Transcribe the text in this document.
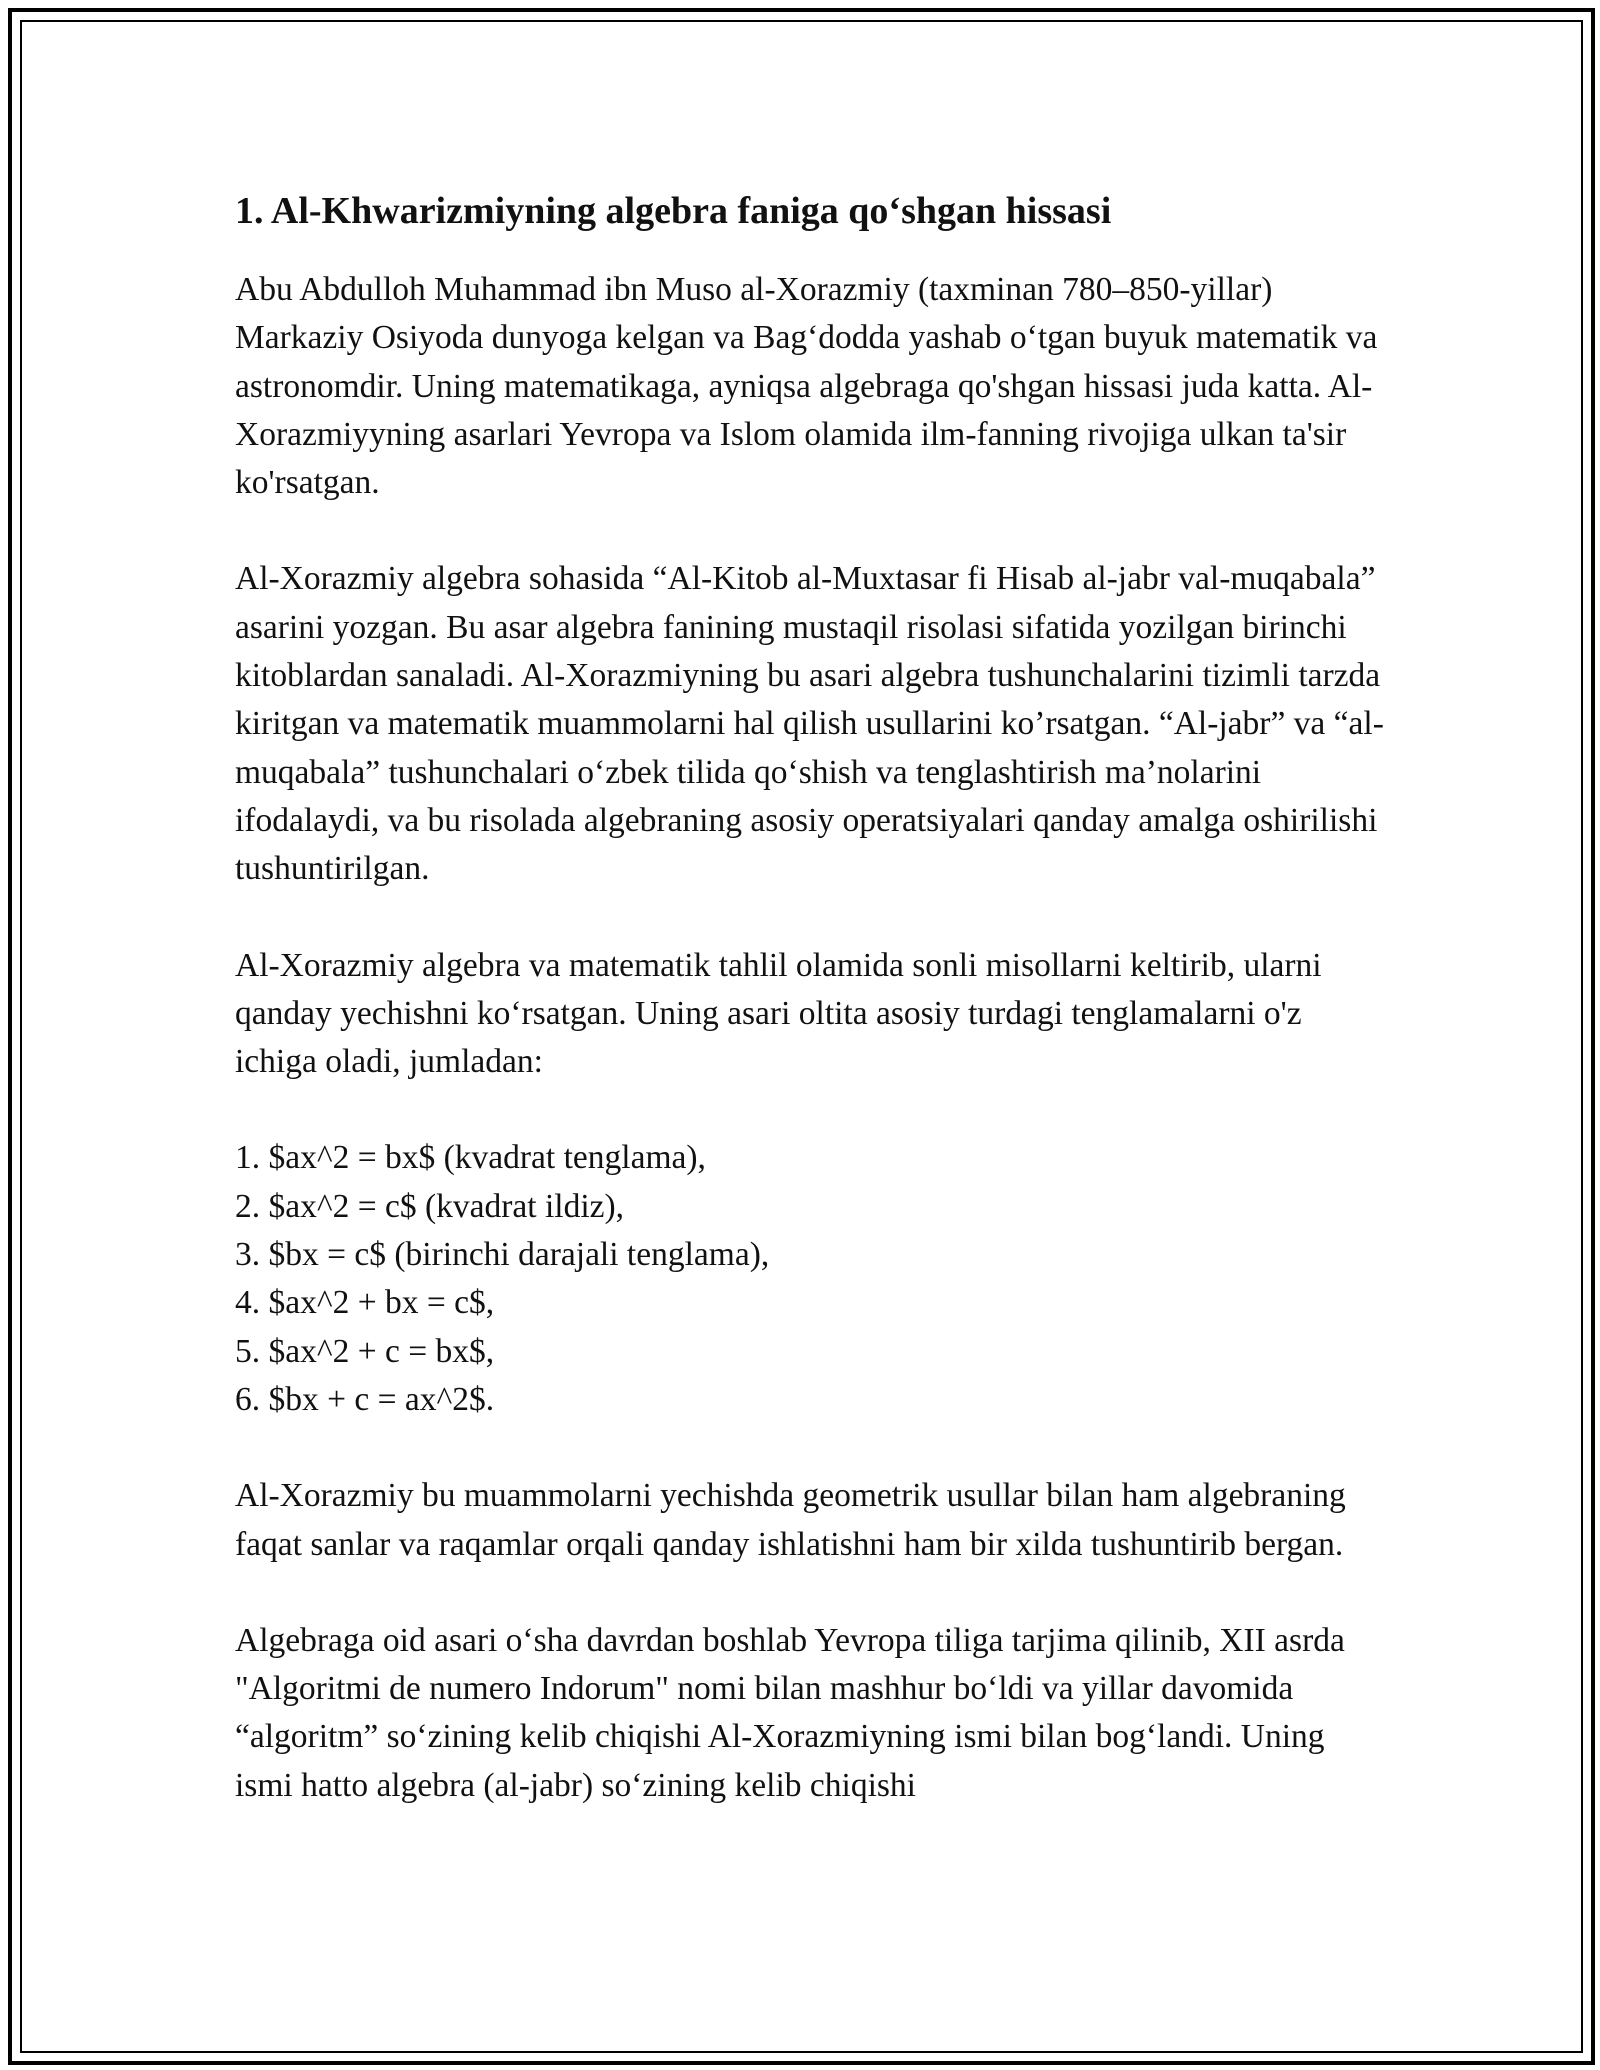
1. Al-Khwarizmiyning algebra faniga qo‘shgan hissasi

Abu Abdulloh Muhammad ibn Muso al-Xorazmiy (taxminan 780–850-yillar) Markaziy Osiyoda dunyoga kelgan va Bag‘dodda yashab o‘tgan buyuk matematik va astronomdir. Uning matematikaga, ayniqsa algebraga qo'shgan hissasi juda katta. Al-Xorazmiyyning asarlari Yevropa va Islom olamida ilm-fanning rivojiga ulkan ta'sir ko'rsatgan.

Al-Xorazmiy algebra sohasida “Al-Kitob al-Muxtasar fi Hisab al-jabr val-muqabala” asarini yozgan. Bu asar algebra fanining mustaqil risolasi sifatida yozilgan birinchi kitoblardan sanaladi. Al-Xorazmiyning bu asari algebra tushunchalarini tizimli tarzda kiritgan va matematik muammolarni hal qilish usullarini ko’rsatgan. “Al-jabr” va “al-muqabala” tushunchalari o‘zbek tilida qo‘shish va tenglashtirish ma’nolarini ifodalaydi, va bu risolada algebraning asosiy operatsiyalari qanday amalga oshirilishi tushuntirilgan.

Al-Xorazmiy algebra va matematik tahlil olamida sonli misollarni keltirib, ularni qanday yechishni ko‘rsatgan. Uning asari oltita asosiy turdagi tenglamalarni o'z ichiga oladi, jumladan:

1. $ax^2 = bx$ (kvadrat tenglama),
2. $ax^2 = c$ (kvadrat ildiz),
3. $bx = c$ (birinchi darajali tenglama),
4. $ax^2 + bx = c$,
5. $ax^2 + c = bx$,
6. $bx + c = ax^2$.

Al-Xorazmiy bu muammolarni yechishda geometrik usullar bilan ham algebraning faqat sanlar va raqamlar orqali qanday ishlatishni ham bir xilda tushuntirib bergan.

Algebraga oid asari o‘sha davrdan boshlab Yevropa tiliga tarjima qilinib, XII asrda "Algoritmi de numero Indorum" nomi bilan mashhur bo‘ldi va yillar davomida “algoritm” so‘zining kelib chiqishi Al-Xorazmiyning ismi bilan bog‘landi. Uning ismi hatto algebra (al-jabr) so‘zining kelib chiqishi
